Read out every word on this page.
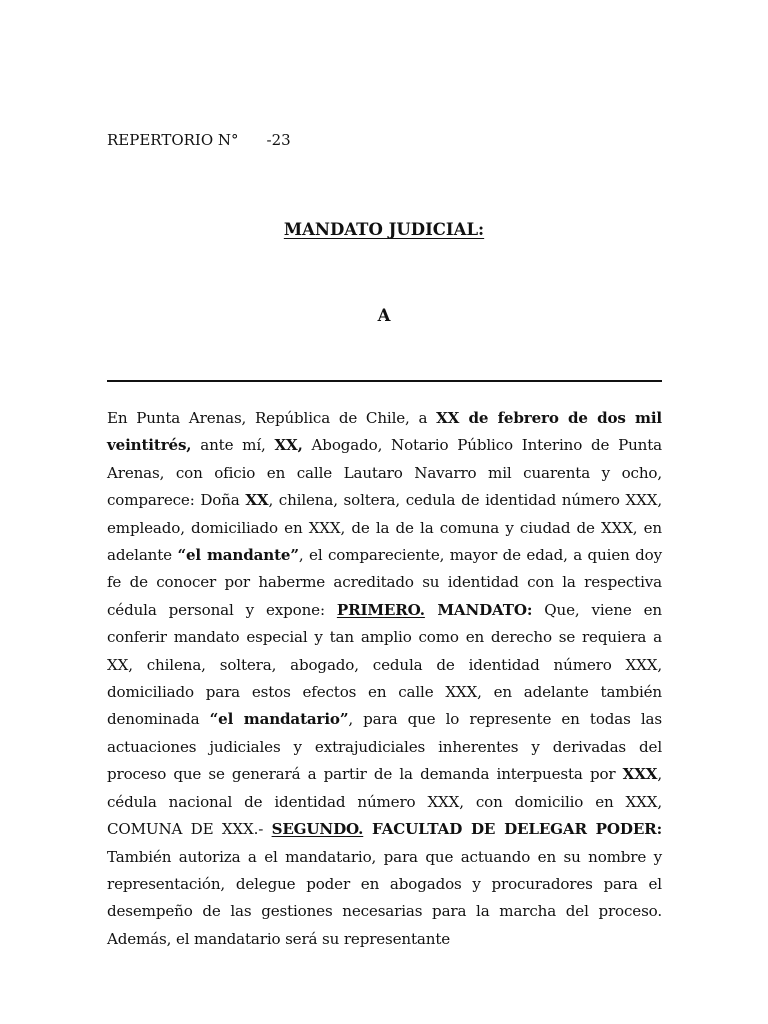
REPERTORIO N° -23
MANDATO JUDICIAL:
A
En Punta Arenas, República de Chile, a XX de febrero de dos mil veintitrés, ante mí, XX, Abogado, Notario Público Interino de Punta Arenas, con oficio en calle Lautaro Navarro mil cuarenta y ocho, comparece: Doña XX, chilena, soltera, cedula de identidad número XXX, empleado, domiciliado en XXX, de la de la comuna y ciudad de XXX, en adelante “el mandante”, el compareciente, mayor de edad, a quien doy fe de conocer por haberme acreditado su identidad con la respectiva cédula personal y expone: PRIMERO. MANDATO: Que, viene en conferir mandato especial y tan amplio como en derecho se requiera a XX, chilena, soltera, abogado, cedula de identidad número XXX, domiciliado para estos efectos en calle XXX, en adelante también denominada “el mandatario”, para que lo represente en todas las actuaciones judiciales y extrajudiciales inherentes y derivadas del proceso que se generará a partir de la demanda interpuesta por XXX, cédula nacional de identidad número XXX, con domicilio en XXX, COMUNA DE XXX.- SEGUNDO. FACULTAD DE DELEGAR PODER: También autoriza a el mandatario, para que actuando en su nombre y representación, delegue poder en abogados y procuradores para el desempeño de las gestiones necesarias para la marcha del proceso. Además, el mandatario será su representante
